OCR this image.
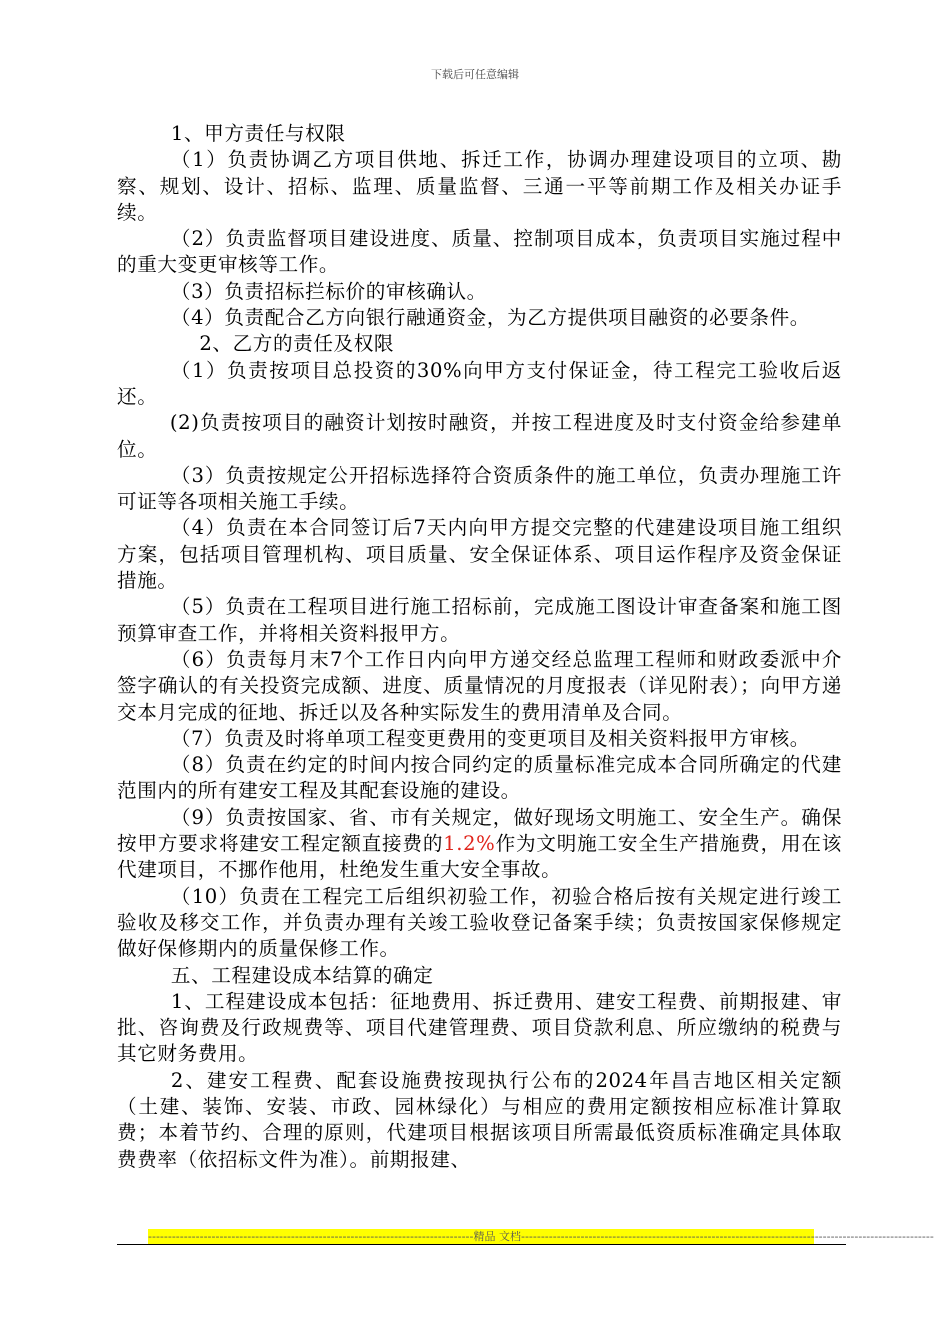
下载后可任意编辑

1、甲方责任与权限

（1）负责协调乙方项目供地、拆迁工作，协调办理建设项目的立项、勘察、规划、设计、招标、监理、质量监督、三通一平等前期工作及相关办证手续。

（2）负责监督项目建设进度、质量、控制项目成本，负责项目实施过程中的重大变更审核等工作。

（3）负责招标拦标价的审核确认。

（4）负责配合乙方向银行融通资金，为乙方提供项目融资的必要条件。

2、乙方的责任及权限

（1）负责按项目总投资的30%向甲方支付保证金，待工程完工验收后返还。

(2)负责按项目的融资计划按时融资，并按工程进度及时支付资金给参建单位。

（3）负责按规定公开招标选择符合资质条件的施工单位，负责办理施工许可证等各项相关施工手续。

（4）负责在本合同签订后7天内向甲方提交完整的代建建设项目施工组织方案，包括项目管理机构、项目质量、安全保证体系、项目运作程序及资金保证措施。

（5）负责在工程项目进行施工招标前，完成施工图设计审查备案和施工图预算审查工作，并将相关资料报甲方。

（6）负责每月末7个工作日内向甲方递交经总监理工程师和财政委派中介签字确认的有关投资完成额、进度、质量情况的月度报表（详见附表）；向甲方递交本月完成的征地、拆迁以及各种实际发生的费用清单及合同。

（7）负责及时将单项工程变更费用的变更项目及相关资料报甲方审核。

（8）负责在约定的时间内按合同约定的质量标准完成本合同所确定的代建范围内的所有建安工程及其配套设施的建设。

（9）负责按国家、省、市有关规定，做好现场文明施工、安全生产。确保按甲方要求将建安工程定额直接费的1.2%作为文明施工安全生产措施费，用在该代建项目，不挪作他用，杜绝发生重大安全事故。

（10）负责在工程完工后组织初验工作，初验合格后按有关规定进行竣工验收及移交工作，并负责办理有关竣工验收登记备案手续；负责按国家保修规定做好保修期内的质量保修工作。

五、工程建设成本结算的确定

1、工程建设成本包括：征地费用、拆迁费用、建安工程费、前期报建、审批、咨询费及行政规费等、项目代建管理费、项目贷款利息、所应缴纳的税费与其它财务费用。

2、建安工程费、配套设施费按现执行公布的2024年昌吉地区相关定额（土建、装饰、安装、市政、园林绿化）与相应的费用定额按相应标准计算取费；本着节约、合理的原则，代建项目根据该项目所需最低资质标准确定具体取费费率（依招标文件为准）。前期报建、

----------------------------------------------------------------------------------精品 文档--------------------------------------------------------------------------------------------------------
